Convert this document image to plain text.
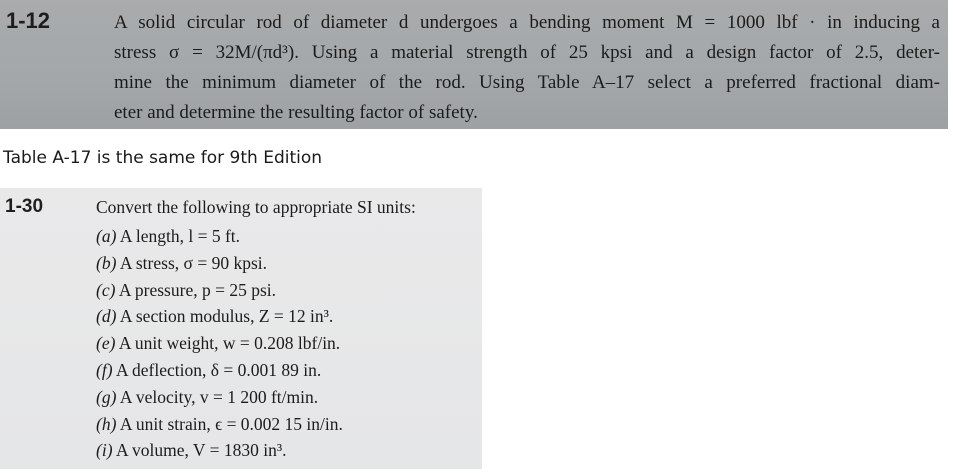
1-12	A solid circular rod of diameter d undergoes a bending moment M = 1000 lbf · in inducing a
stress σ = 32M/(πd³). Using a material strength of 25 kpsi and a design factor of 2.5, deter-
mine the minimum diameter of the rod. Using Table A–17 select a preferred fractional diam-
eter and determine the resulting factor of safety.
Table A-17 is the same for 9th Edition
1-30	Convert the following to appropriate SI units:
(a) A length, l = 5 ft.
(b) A stress, σ = 90 kpsi.
(c) A pressure, p = 25 psi.
(d) A section modulus, Z = 12 in³.
(e) A unit weight, w = 0.208 lbf/in.
(f) A deflection, δ = 0.001 89 in.
(g) A velocity, v = 1 200 ft/min.
(h) A unit strain, ϵ = 0.002 15 in/in.
(i) A volume, V = 1830 in³.
